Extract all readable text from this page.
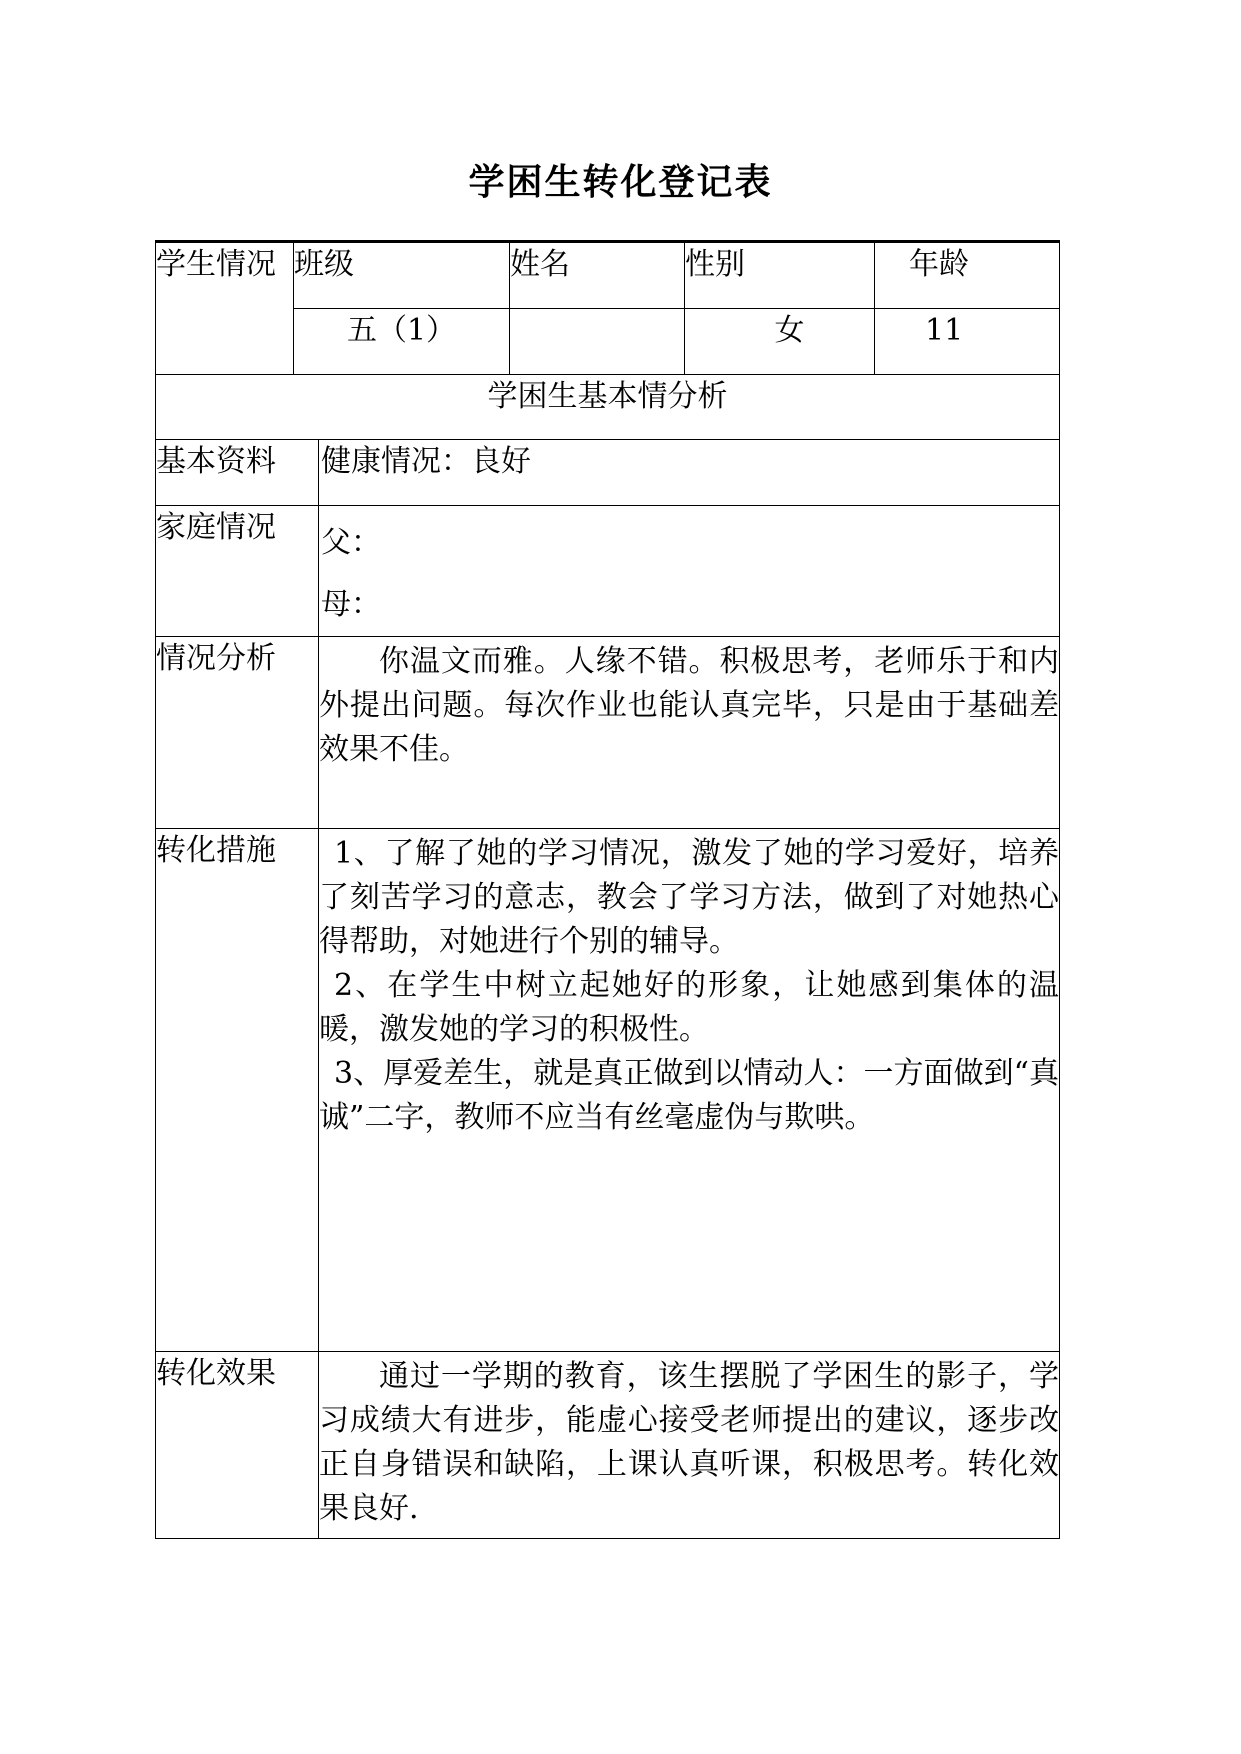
学困生转化登记表
学生情况	班级		姓名	性别	年龄
	五（1）			女	11
学困生基本情分析					
基本资料		健康情况：良好			
家庭情况		父：
母：			

情况分析		你温文而雅。人缘不错。积极思考，老师乐于和内外提出问题。每次作业也能认真完毕，只是由于基础差效果不佳。			
转化措施		1、了解了她的学习情况，激发了她的学习爱好，培养了刻苦学习的意志，教会了学习方法，做到了对她热心得帮助，对她进行个别的辅导。
2、在学生中树立起她好的形象，让她感到集体的温暖，激发她的学习的积极性。
3、厚爱差生，就是真正做到以情动人：一方面做到“真诚”二字，教师不应当有丝毫虚伪与欺哄。			

转化效果		通过一学期的教育，该生摆脱了学困生的影子，学习成绩大有进步，能虚心接受老师提出的建议，逐步改正自身错误和缺陷，上课认真听课，积极思考。转化效果良好.			
